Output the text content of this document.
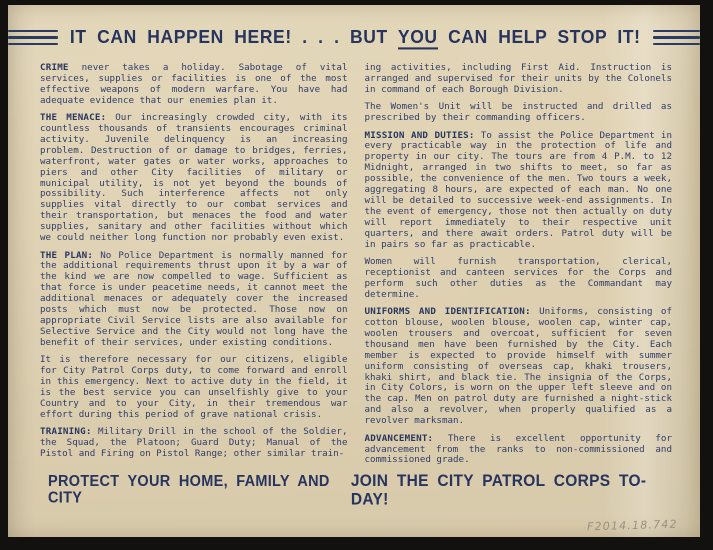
IT CAN HAPPEN HERE! . . . BUT YOU CAN HELP STOP IT!

CRIME never takes a holiday. Sabotage of vital services, supplies or facilities is one of the most effective weapons of modern warfare. You have had adequate evidence that our enemies plan it.

THE MENACE: Our increasingly crowded city, with its countless thousands of transients encourages criminal activity. Juvenile delinquency is an increasing problem. Destruction of or damage to bridges, ferries, waterfront, water gates or water works, approaches to piers and other City facilities of military or municipal utility, is not yet beyond the bounds of possibility. Such interference affects not only supplies vital directly to our combat services and their transportation, but menaces the food and water supplies, sanitary and other facilities without which we could neither long function nor probably even exist.

THE PLAN: No Police Department is normally manned for the additional requirements thrust upon it by a war of the kind we are now compelled to wage. Sufficient as that force is under peacetime needs, it cannot meet the additional menaces or adequately cover the increased posts which must now be protected. Those now on appropriate Civil Service lists are also available for Selective Service and the City would not long have the benefit of their services, under existing conditions.

It is therefore necessary for our citizens, eligible for City Patrol Corps duty, to come forward and enroll in this emergency. Next to active duty in the field, it is the best service you can unselfishly give to your Country and to your City, in their tremendous war effort during this period of grave national crisis.

TRAINING: Military Drill in the school of the Soldier, the Squad, the Platoon; Guard Duty; Manual of the Pistol and Firing on Pistol Range; other similar train-

ing activities, including First Aid. Instruction is arranged and supervised for their units by the Colonels in command of each Borough Division.

The Women's Unit will be instructed and drilled as prescribed by their commanding officers.

MISSION AND DUTIES: To assist the Police Department in every practicable way in the protection of life and property in our city. The tours are from 4 P.M. to 12 Midnight, arranged in two shifts to meet, so far as possible, the convenience of the men. Two tours a week, aggregating 8 hours, are expected of each man. No one will be detailed to successive week-end assignments. In the event of emergency, those not then actually on duty will report immediately to their respective unit quarters, and there await orders. Patrol duty will be in pairs so far as practicable.

Women will furnish transportation, clerical, receptionist and canteen services for the Corps and perform such other duties as the Commandant may determine.

UNIFORMS AND IDENTIFICATION: Uniforms, consisting of cotton blouse, woolen blouse, woolen cap, winter cap, woolen trousers and overcoat, sufficient for seven thousand men have been furnished by the City. Each member is expected to provide himself with summer uniform consisting of overseas cap, khaki trousers, khaki shirt, and black tie. The insignia of the Corps, in City Colors, is worn on the upper left sleeve and on the cap. Men on patrol duty are furnished a night-stick and also a revolver, when properly qualified as a revolver marksman.

ADVANCEMENT: There is excellent opportunity for advancement from the ranks to non-commissioned and commissioned grade.

PROTECT YOUR HOME, FAMILY AND CITY
JOIN THE CITY PATROL CORPS TO-DAY!
F2014.18.742
